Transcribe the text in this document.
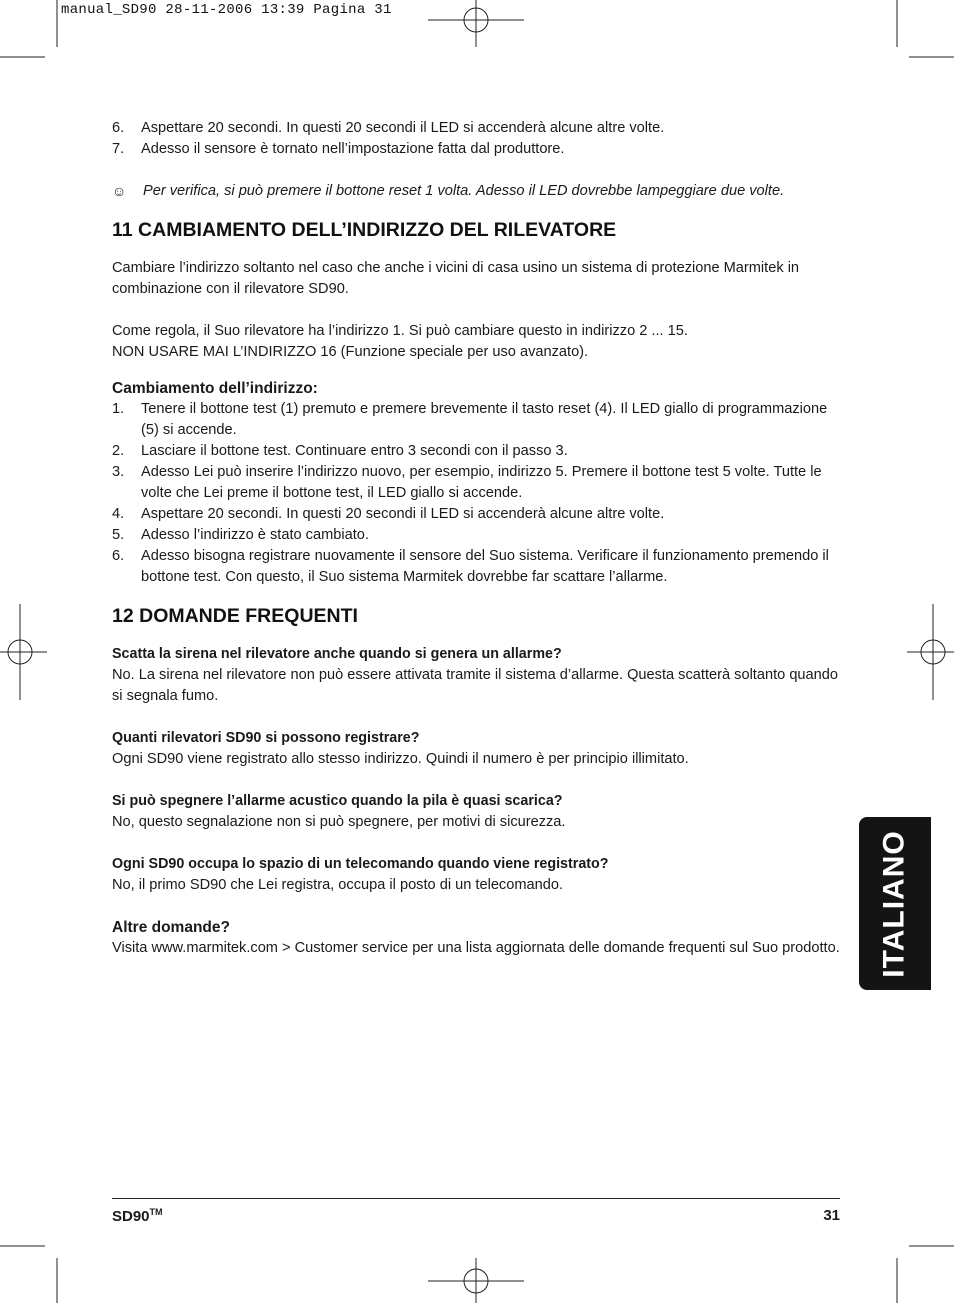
manual_SD90 28-11-2006 13:39 Pagina 31
6. Aspettare 20 secondi. In questi 20 secondi il LED si accenderà alcune altre volte.
7. Adesso il sensore è tornato nell’impostazione fatta dal produttore.

☺ Per verifica, si può premere il bottone reset 1 volta. Adesso il LED dovrebbe lampeggiare due volte.

11 CAMBIAMENTO DELL’INDIRIZZO DEL RILEVATORE

Cambiare l’indirizzo soltanto nel caso che anche i vicini di casa usino un sistema di protezione Marmitek in combinazione con il rilevatore SD90.

Come regola, il Suo rilevatore ha l’indirizzo 1. Si può cambiare questo in indirizzo 2 ... 15.

NON USARE MAI L’INDIRIZZO 16 (Funzione speciale per uso avanzato).

Cambiamento dell’indirizzo:
1. Tenere il bottone test (1) premuto e premere brevemente il tasto reset (4). Il LED giallo di programmazione (5) si accende.
2. Lasciare il bottone test. Continuare entro 3 secondi con il passo 3.
3. Adesso Lei può inserire l’indirizzo nuovo, per esempio, indirizzo 5. Premere il bottone test 5 volte. Tutte le volte che Lei preme il bottone test, il LED giallo si accende.
4. Aspettare 20 secondi. In questi 20 secondi il LED si accenderà alcune altre volte.
5. Adesso l’indirizzo è stato cambiato.
6. Adesso bisogna registrare nuovamente il sensore del Suo sistema. Verificare il funzionamento premendo il bottone test. Con questo, il Suo sistema Marmitek dovrebbe far scattare l’allarme.
12 DOMANDE FREQUENTI

Scatta la sirena nel rilevatore anche quando si genera un allarme?

No. La sirena nel rilevatore non può essere attivata tramite il sistema d’allarme. Questa scatterà soltanto quando si segnala fumo.

Quanti rilevatori SD90 si possono registrare?

Ogni SD90 viene registrato allo stesso indirizzo. Quindi il numero è per principio illimitato.

Si può spegnere l’allarme acustico quando la pila è quasi scarica?

No, questo segnalazione non si può spegnere, per motivi di sicurezza.

Ogni SD90 occupa lo spazio di un telecomando quando viene registrato?

No, il primo SD90 che Lei registra, occupa il posto di un telecomando.

Altre domande?

Visita www.marmitek.com > Customer service per una lista aggiornata delle domande frequenti sul Suo prodotto. ITALIANO
SD90™	31
